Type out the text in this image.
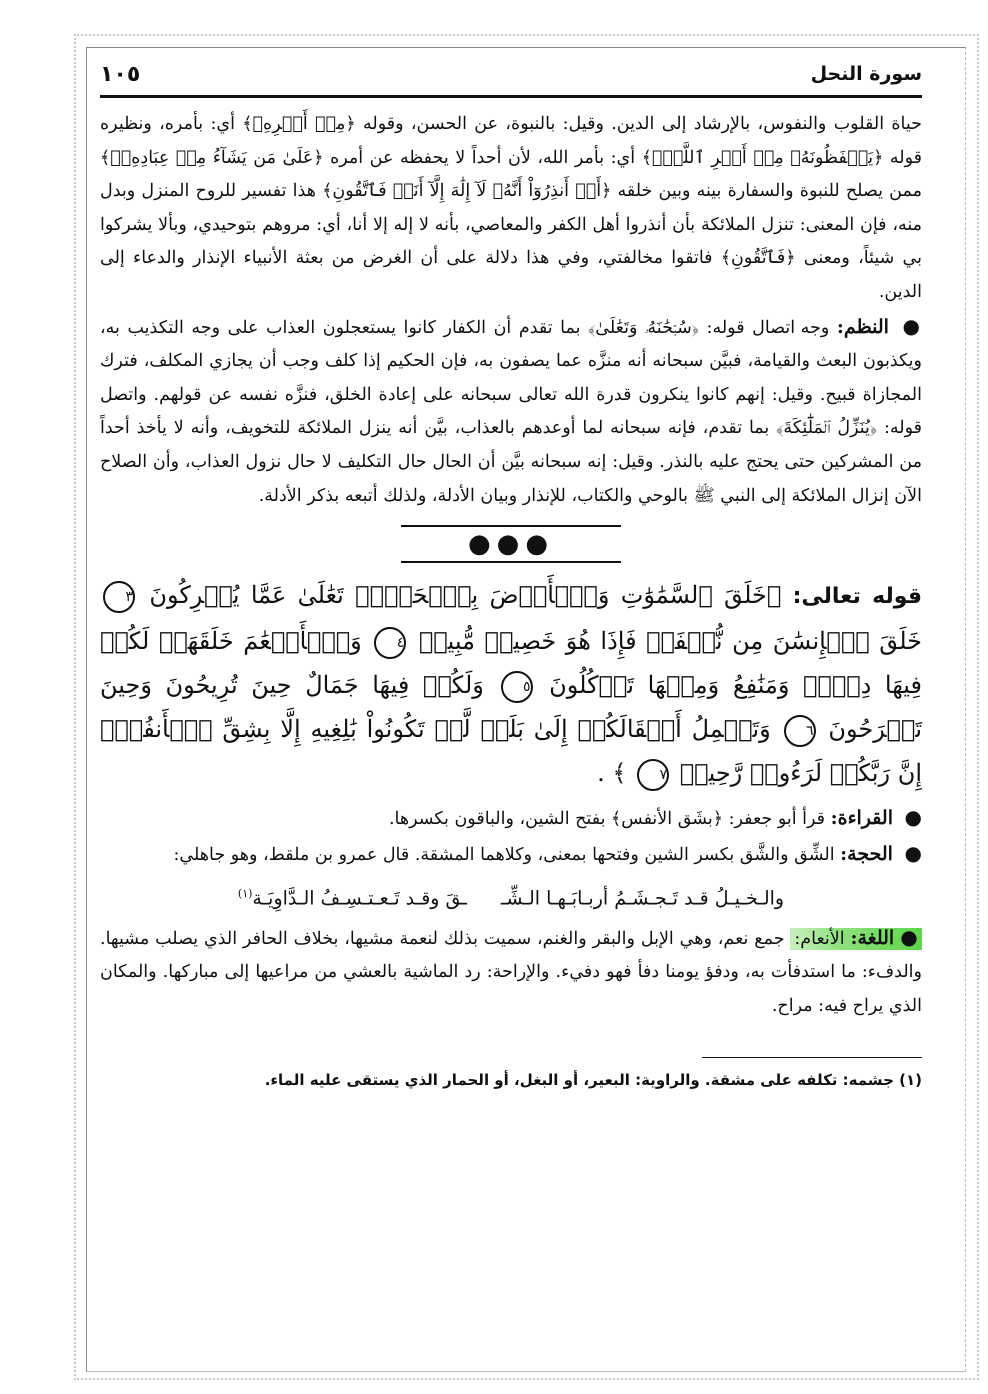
سورة النحل
١٠٥

حياة القلوب والنفوس، بالإرشاد إلى الدين. وقيل: بالنبوة، عن الحسن، وقوله ﴿مِنۡ أَمۡرِهِۦ﴾ أي: بأمره، ونظيره قوله ﴿يَحۡفَظُونَهُۥ مِنۡ أَمۡرِ ٱللَّهِۗ﴾ أي: بأمر الله، لأن أحداً لا يحفظه عن أمره ﴿عَلَىٰ مَن يَشَآءُ مِنۡ عِبَادِهِۦٓ﴾ ممن يصلح للنبوة والسفارة بينه وبين خلقه ﴿أَنۡ أَنذِرُوٓاْ أَنَّهُۥ لَآ إِلَٰهَ إِلَّآ أَنَا۠ فَٱتَّقُونِ﴾ هذا تفسير للروح المنزل وبدل منه، فإن المعنى: تنزل الملائكة بأن أنذروا أهل الكفر والمعاصي، بأنه لا إله إلا أنا، أي: مروهم بتوحيدي، وبألا يشركوا بي شيئاً، ومعنى ﴿فَٱتَّقُونِ﴾ فاتقوا مخالفتي، وفي هذا دلالة على أن الغرض من بعثة الأنبياء الإنذار والدعاء إلى الدين.

● النظم: وجه اتصال قوله: ﴿سُبۡحَٰنَهُۥ وَتَعَٰلَىٰ﴾ بما تقدم أن الكفار كانوا يستعجلون العذاب على وجه التكذيب به، ويكذبون البعث والقيامة، فبيَّن سبحانه أنه منزَّه عما يصفون به، فإن الحكيم إذا كلف وجب أن يجازي المكلف، فترك المجازاة قبيح. وقيل: إنهم كانوا ينكرون قدرة الله تعالى سبحانه على إعادة الخلق، فنزَّه نفسه عن قولهم. واتصل قوله: ﴿يُنَزِّلُ ٱلۡمَلَٰٓئِكَةَ﴾ بما تقدم، فإنه سبحانه لما أوعدهم بالعذاب، بيَّن أنه ينزل الملائكة للتخويف، وأنه لا يأخذ أحداً من المشركين حتى يحتج عليه بالنذر. وقيل: إنه سبحانه بيَّن أن الحال حال التكليف لا حال نزول العذاب، وأن الصلاح الآن إنزال الملائكة إلى النبي ﷺ بالوحي والكتاب، للإنذار وبيان الأدلة، ولذلك أتبعه بذكر الأدلة.

●●●

قوله تعالى: ﴿خَلَقَ ٱلسَّمَٰوَٰتِ وَٱلۡأَرۡضَ بِٱلۡحَقِّۚ تَعَٰلَىٰ عَمَّا يُشۡرِكُونَ ٣ خَلَقَ ٱلۡإِنسَٰنَ مِن نُّطۡفَةٖ فَإِذَا هُوَ خَصِيمٞ مُّبِينٞ ٤ وَٱلۡأَنۡعَٰمَ خَلَقَهَاۖ لَكُمۡ فِيهَا دِفۡءٞ وَمَنَٰفِعُ وَمِنۡهَا تَأۡكُلُونَ ٥ وَلَكُمۡ فِيهَا جَمَالٌ حِينَ تُرِيحُونَ وَحِينَ تَسۡرَحُونَ ٦ وَتَحۡمِلُ أَثۡقَالَكُمۡ إِلَىٰ بَلَدٖ لَّمۡ تَكُونُواْ بَٰلِغِيهِ إِلَّا بِشِقِّ ٱلۡأَنفُسِۚ إِنَّ رَبَّكُمۡ لَرَءُوفٞ رَّحِيمٞ ٧ ﴾ .

● القراءة: قرأ أبو جعفر: ﴿بشَق الأنفس﴾ بفتح الشين، والباقون بكسرها.

● الحجة: الشِّق والشَّق بكسر الشين وفتحها بمعنى، وكلاهما المشقة. قال عمرو بن ملقط، وهو جاهلي:

والـخـيـلُ قـد تَـجـشَـمُ أربـابَـهـا الـشِّــقَ وقـد تَـعـتـسِـفُ الـدَّاوِيَـة$^{(١)}$

●اللغة: الأنعام: جمع نعم، وهي الإبل والبقر والغنم، سميت بذلك لنعمة مشيها، بخلاف الحافر الذي يصلب مشيها. والدفء: ما استدفأت به، ودفؤ يومنا دفأ فهو دفيء. والإراحة: رد الماشية بالعشي من مراعيها إلى مباركها. والمكان الذي يراح فيه: مراح.

(١) جشمه: تكلفه على مشقة. والراوية: البعير، أو البغل، أو الحمار الذي يستقى عليه الماء.
